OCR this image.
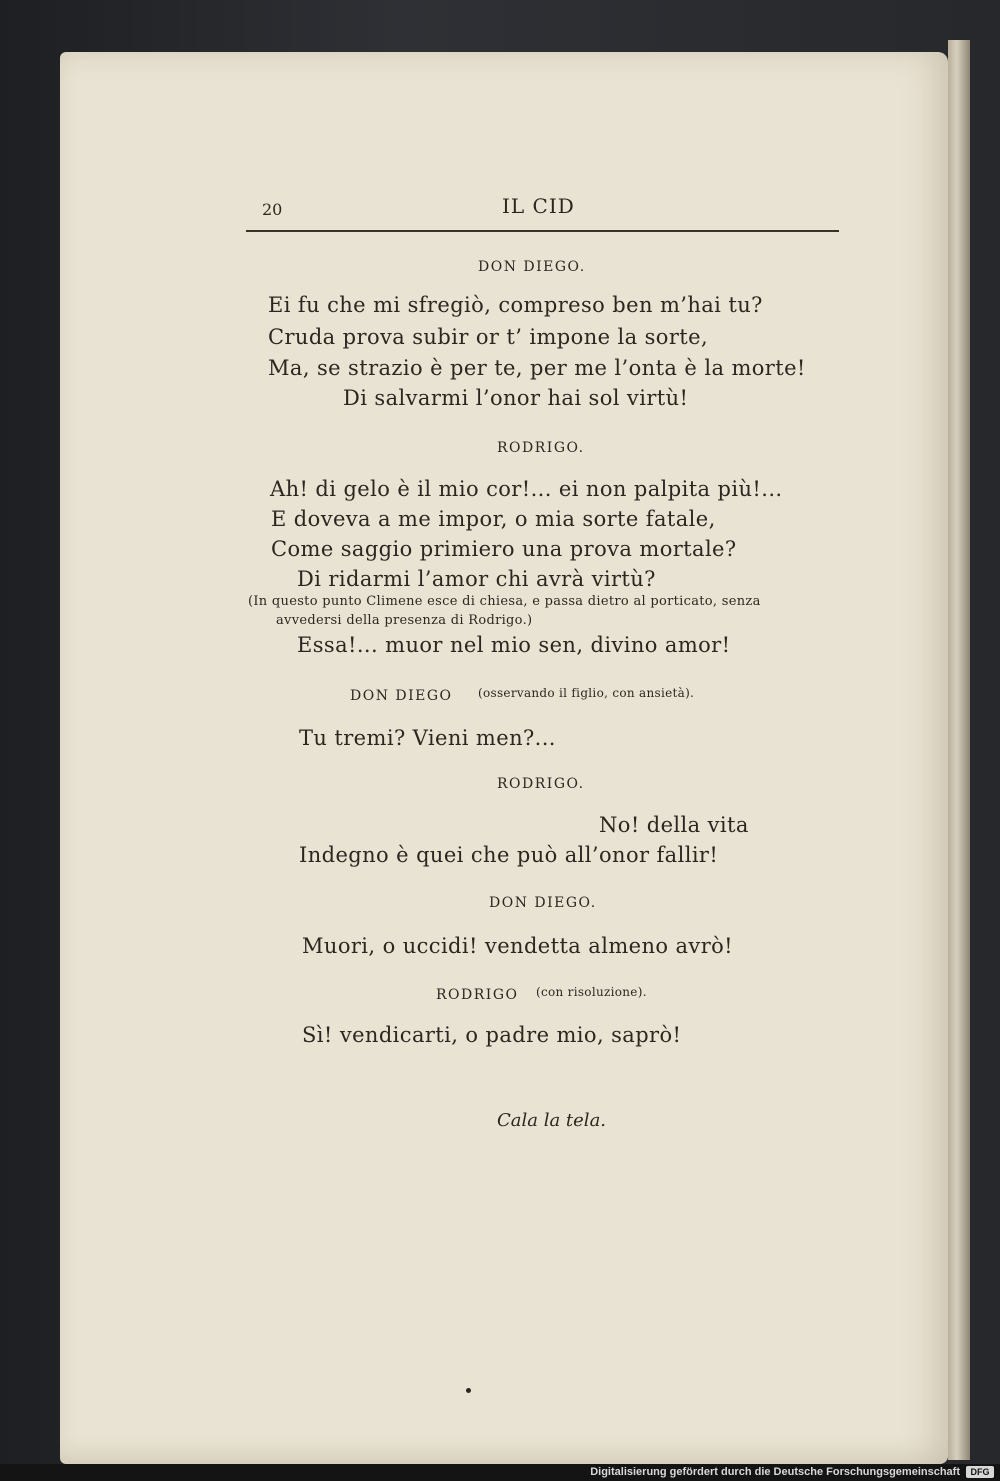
20	IL CID
DON DIEGO.
Ei fu che mi sfregiò, compreso ben m’hai tu?
Cruda prova subir or t’ impone la sorte,
Ma, se strazio è per te, per me l’onta è la morte!
Di salvarmi l’onor hai sol virtù!
RODRIGO.
Ah! di gelo è il mio cor!... ei non palpita più!...
E doveva a me impor, o mia sorte fatale,
Come saggio primiero una prova mortale?
Di ridarmi l’amor chi avrà virtù?
(In questo punto Climene esce di chiesa, e passa dietro al porticato, senza
avvedersi della presenza di Rodrigo.)
Essa!... muor nel mio sen, divino amor!
DON DIEGO (osservando il figlio, con ansietà).
Tu tremi? Vieni men?...
RODRIGO.
No! della vita
Indegno è quei che può all’onor fallir!
DON DIEGO.
Muori, o uccidi! vendetta almeno avrò!
RODRIGO (con risoluzione).
Sì! vendicarti, o padre mio, saprò!
Cala la tela.
Digitalisierung gefördert durch die Deutsche Forschungsgemeinschaft	DFG
